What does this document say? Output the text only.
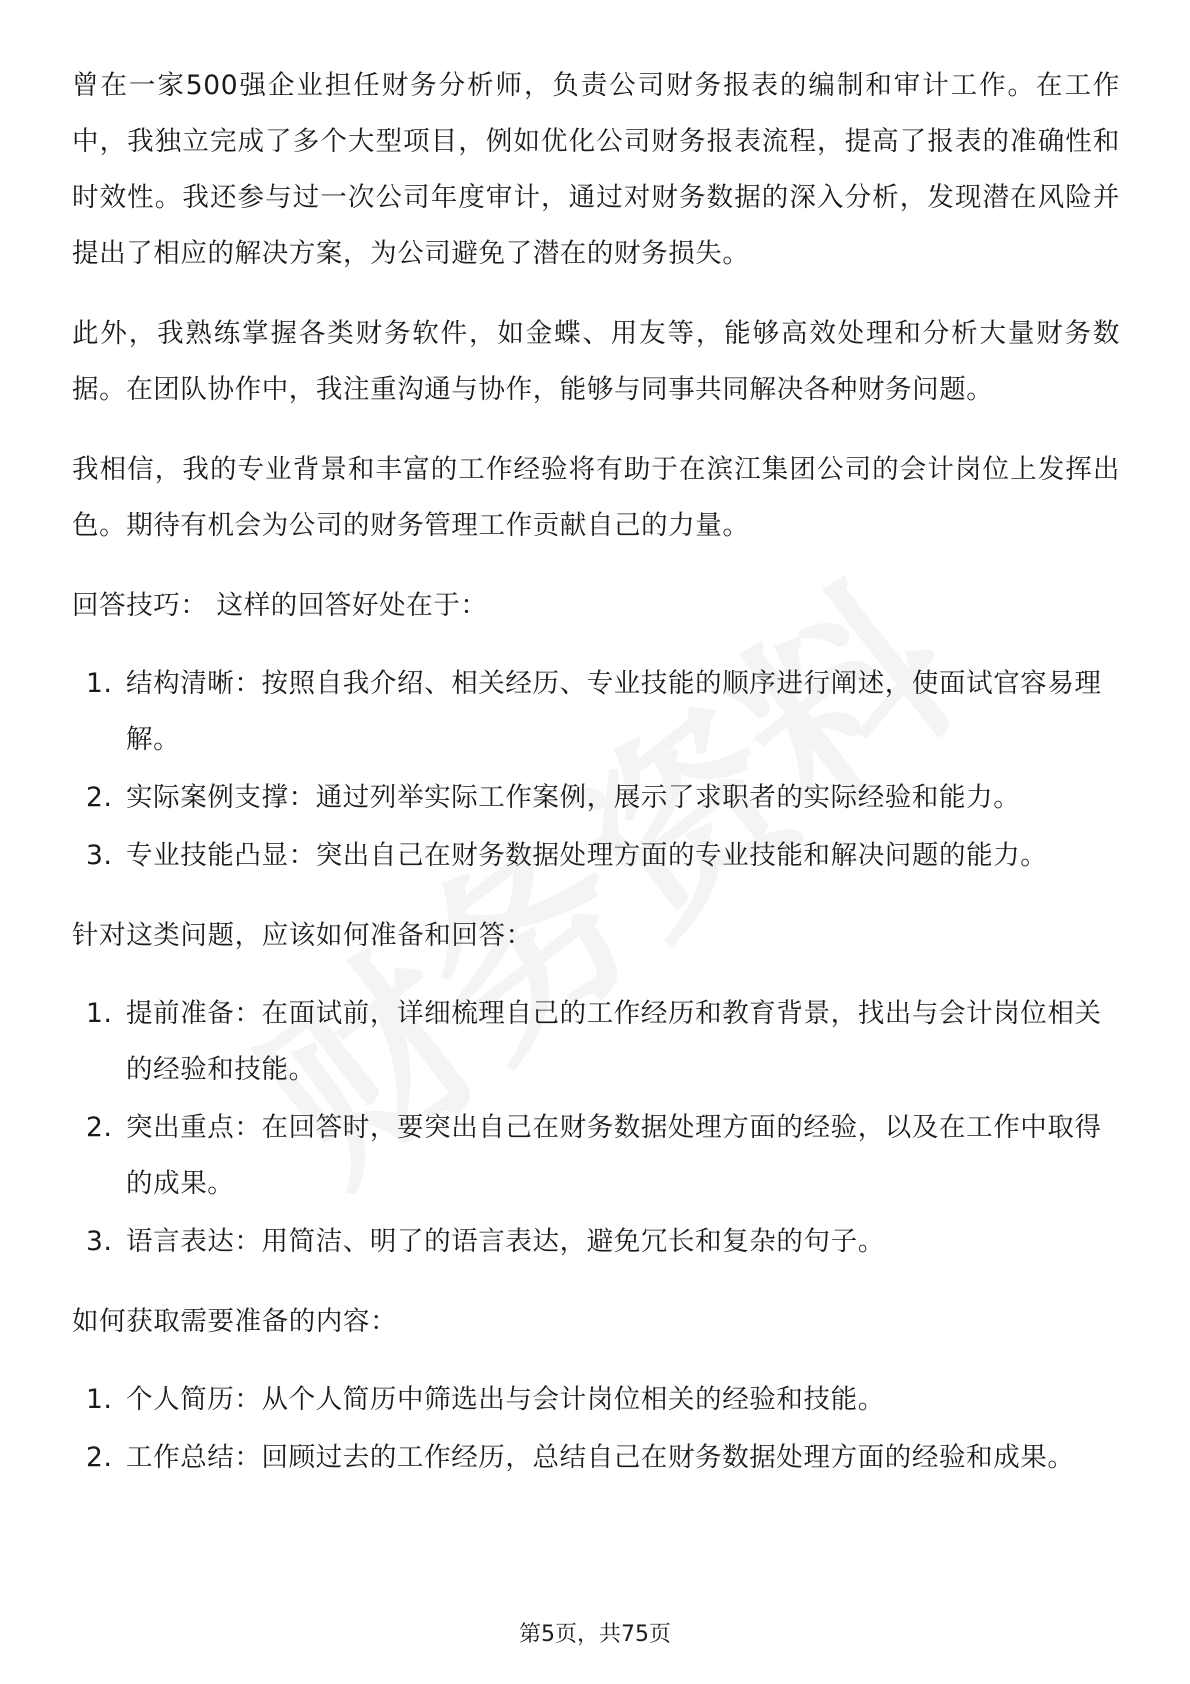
曾在一家500强企业担任财务分析师，负责公司财务报表的编制和审计工作。在工作中，我独立完成了多个大型项目，例如优化公司财务报表流程，提高了报表的准确性和时效性。我还参与过一次公司年度审计，通过对财务数据的深入分析，发现潜在风险并提出了相应的解决方案，为公司避免了潜在的财务损失。

此外，我熟练掌握各类财务软件，如金蝶、用友等，能够高效处理和分析大量财务数据。在团队协作中，我注重沟通与协作，能够与同事共同解决各种财务问题。

我相信，我的专业背景和丰富的工作经验将有助于在滨江集团公司的会计岗位上发挥出色。期待有机会为公司的财务管理工作贡献自己的力量。

回答技巧： 这样的回答好处在于：
1. 结构清晰：按照自我介绍、相关经历、专业技能的顺序进行阐述，使面试官容易理解。
2. 实际案例支撑：通过列举实际工作案例，展示了求职者的实际经验和能力。
3. 专业技能凸显：突出自己在财务数据处理方面的专业技能和解决问题的能力。
针对这类问题，应该如何准备和回答：
1. 提前准备：在面试前，详细梳理自己的工作经历和教育背景，找出与会计岗位相关的经验和技能。
2. 突出重点：在回答时，要突出自己在财务数据处理方面的经验，以及在工作中取得的成果。
3. 语言表达：用简洁、明了的语言表达，避免冗长和复杂的句子。
如何获取需要准备的内容：
1. 个人简历：从个人简历中筛选出与会计岗位相关的经验和技能。
2. 工作总结：回顾过去的工作经历，总结自己在财务数据处理方面的经验和成果。
第5页，共75页
